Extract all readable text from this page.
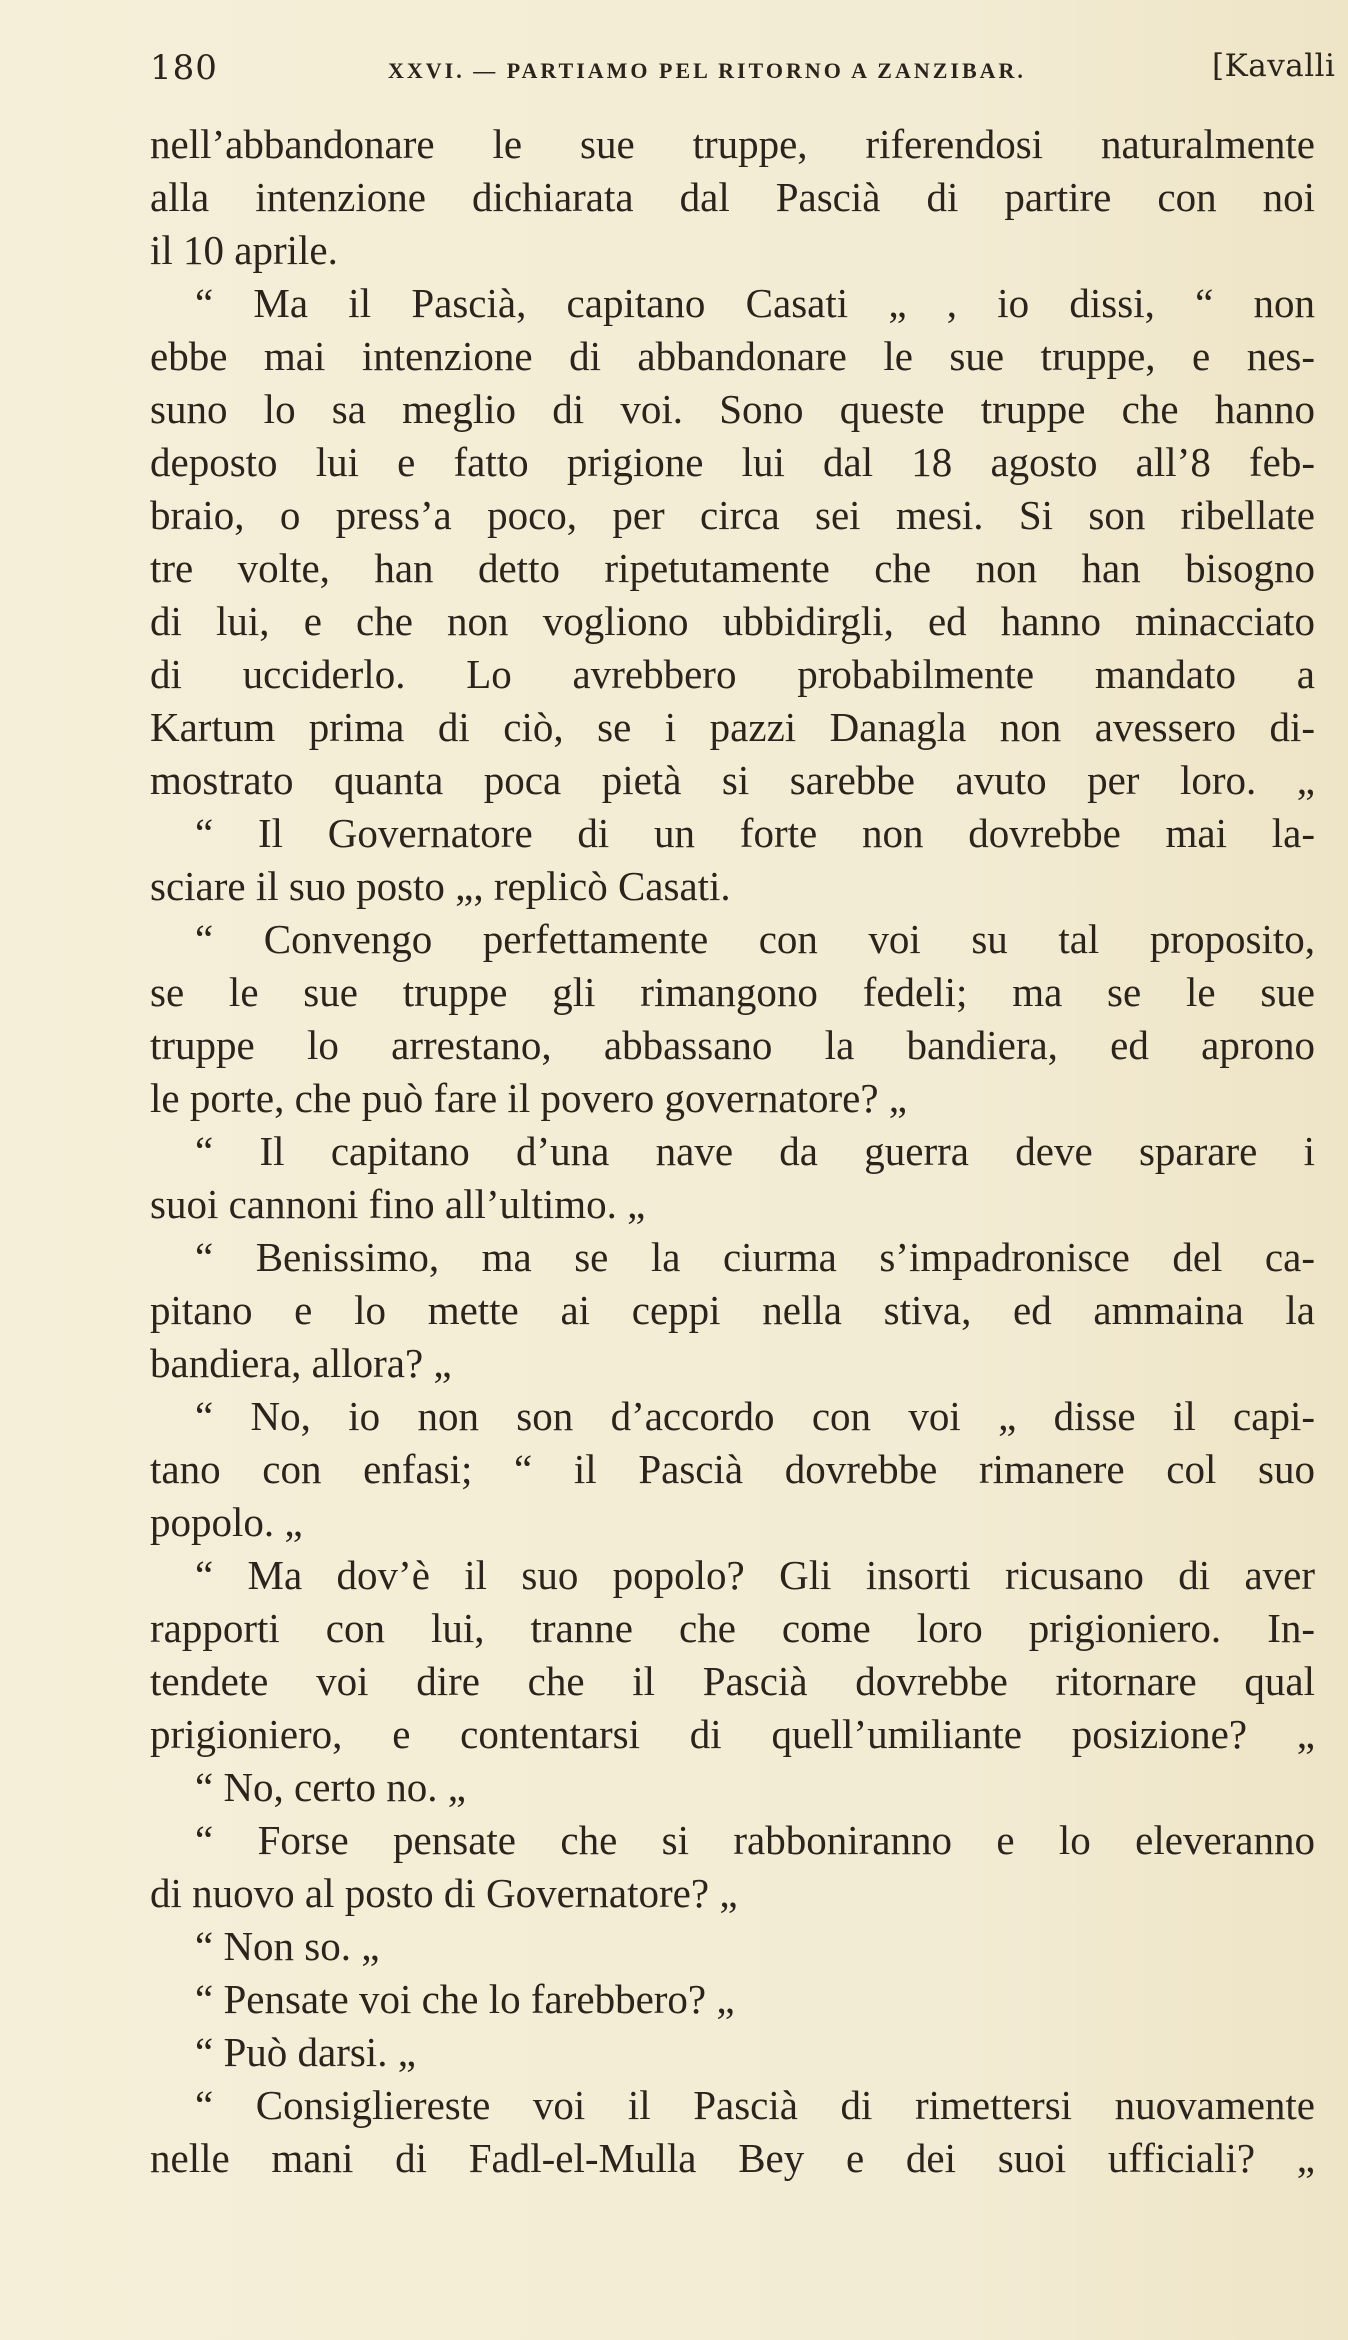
180	XXVI. — PARTIAMO PEL RITORNO A ZANZIBAR.	[Kavalli
nell’abbandonare le sue truppe, riferendosi naturalmente
alla intenzione dichiarata dal Pascià di partire con noi
il 10 aprile.
“ Ma il Pascià, capitano Casati „ , io dissi, “ non
ebbe mai intenzione di abbandonare le sue truppe, e nes-
suno lo sa meglio di voi. Sono queste truppe che hanno
deposto lui e fatto prigione lui dal 18 agosto all’8 feb-
braio, o press’a poco, per circa sei mesi. Si son ribellate
tre volte, han detto ripetutamente che non han bisogno
di lui, e che non vogliono ubbidirgli, ed hanno minacciato
di ucciderlo. Lo avrebbero probabilmente mandato a
Kartum prima di ciò, se i pazzi Danagla non avessero di-
mostrato quanta poca pietà si sarebbe avuto per loro. „
“ Il Governatore di un forte non dovrebbe mai la-
sciare il suo posto „, replicò Casati.
“ Convengo perfettamente con voi su tal proposito,
se le sue truppe gli rimangono fedeli; ma se le sue
truppe lo arrestano, abbassano la bandiera, ed aprono
le porte, che può fare il povero governatore? „
“ Il capitano d’una nave da guerra deve sparare i
suoi cannoni fino all’ultimo. „
“ Benissimo, ma se la ciurma s’impadronisce del ca-
pitano e lo mette ai ceppi nella stiva, ed ammaina la
bandiera, allora? „
“ No, io non son d’accordo con voi „ disse il capi-
tano con enfasi; “ il Pascià dovrebbe rimanere col suo
popolo. „
“ Ma dov’è il suo popolo? Gli insorti ricusano di aver
rapporti con lui, tranne che come loro prigioniero. In-
tendete voi dire che il Pascià dovrebbe ritornare qual
prigioniero, e contentarsi di quell’umiliante posizione? „
“ No, certo no. „
“ Forse pensate che si rabboniranno e lo eleveranno
di nuovo al posto di Governatore? „
“ Non so. „
“ Pensate voi che lo farebbero? „
“ Può darsi. „
“ Consigliereste voi il Pascià di rimettersi nuovamente
nelle mani di Fadl-el-Mulla Bey e dei suoi ufficiali? „
